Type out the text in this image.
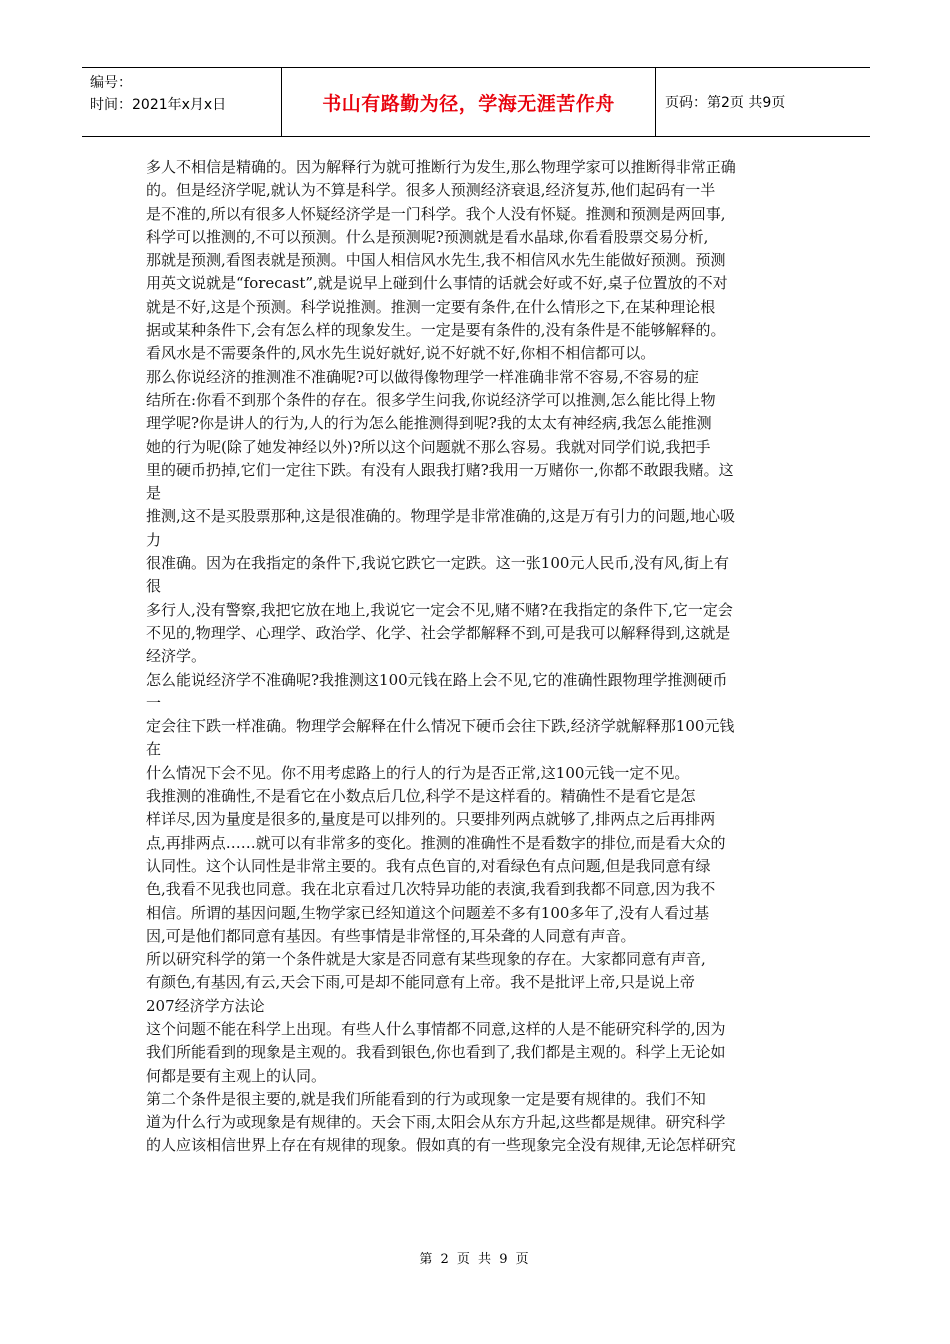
编号：
时间：2021年x月x日	书山有路勤为径，学海无涯苦作舟	页码：第2页 共9页
多人不相信是精确的。因为解释行为就可推断行为发生,那么物理学家可以推断得非常正确
的。但是经济学呢,就认为不算是科学。很多人预测经济衰退,经济复苏,他们起码有一半
是不准的,所以有很多人怀疑经济学是一门科学。我个人没有怀疑。推测和预测是两回事,
科学可以推测的,不可以预测。什么是预测呢?预测就是看水晶球,你看看股票交易分析,
那就是预测,看图表就是预测。中国人相信风水先生,我不相信风水先生能做好预测。预测
用英文说就是“forecast”,就是说早上碰到什么事情的话就会好或不好,桌子位置放的不对
就是不好,这是个预测。科学说推测。推测一定要有条件,在什么情形之下,在某种理论根
据或某种条件下,会有怎么样的现象发生。一定是要有条件的,没有条件是不能够解释的。
看风水是不需要条件的,风水先生说好就好,说不好就不好,你相不相信都可以。
那么你说经济的推测准不准确呢?可以做得像物理学一样准确非常不容易,不容易的症
结所在:你看不到那个条件的存在。很多学生问我,你说经济学可以推测,怎么能比得上物
理学呢?你是讲人的行为,人的行为怎么能推测得到呢?我的太太有神经病,我怎么能推测
她的行为呢(除了她发神经以外)?所以这个问题就不那么容易。我就对同学们说,我把手
里的硬币扔掉,它们一定往下跌。有没有人跟我打赌?我用一万赌你一,你都不敢跟我赌。这
是
推测,这不是买股票那种,这是很准确的。物理学是非常准确的,这是万有引力的问题,地心吸
力
很准确。因为在我指定的条件下,我说它跌它一定跌。这一张100元人民币,没有风,街上有
很
多行人,没有警察,我把它放在地上,我说它一定会不见,赌不赌?在我指定的条件下,它一定会
不见的,物理学、心理学、政治学、化学、社会学都解释不到,可是我可以解释得到,这就是
经济学。
怎么能说经济学不准确呢?我推测这100元钱在路上会不见,它的准确性跟物理学推测硬币
一
定会往下跌一样准确。物理学会解释在什么情况下硬币会往下跌,经济学就解释那100元钱
在
什么情况下会不见。你不用考虑路上的行人的行为是否正常,这100元钱一定不见。
我推测的准确性,不是看它在小数点后几位,科学不是这样看的。精确性不是看它是怎
样详尽,因为量度是很多的,量度是可以排列的。只要排列两点就够了,排两点之后再排两
点,再排两点……就可以有非常多的变化。推测的准确性不是看数字的排位,而是看大众的
认同性。这个认同性是非常主要的。我有点色盲的,对看绿色有点问题,但是我同意有绿
色,我看不见我也同意。我在北京看过几次特异功能的表演,我看到我都不同意,因为我不
相信。所谓的基因问题,生物学家已经知道这个问题差不多有100多年了,没有人看过基
因,可是他们都同意有基因。有些事情是非常怪的,耳朵聋的人同意有声音。
所以研究科学的第一个条件就是大家是否同意有某些现象的存在。大家都同意有声音,
有颜色,有基因,有云,天会下雨,可是却不能同意有上帝。我不是批评上帝,只是说上帝
207经济学方法论
这个问题不能在科学上出现。有些人什么事情都不同意,这样的人是不能研究科学的,因为
我们所能看到的现象是主观的。我看到银色,你也看到了,我们都是主观的。科学上无论如
何都是要有主观上的认同。
第二个条件是很主要的,就是我们所能看到的行为或现象一定是要有规律的。我们不知
道为什么行为或现象是有规律的。天会下雨,太阳会从东方升起,这些都是规律。研究科学
的人应该相信世界上存在有规律的现象。假如真的有一些现象完全没有规律,无论怎样研究
第 2 页 共 9 页
